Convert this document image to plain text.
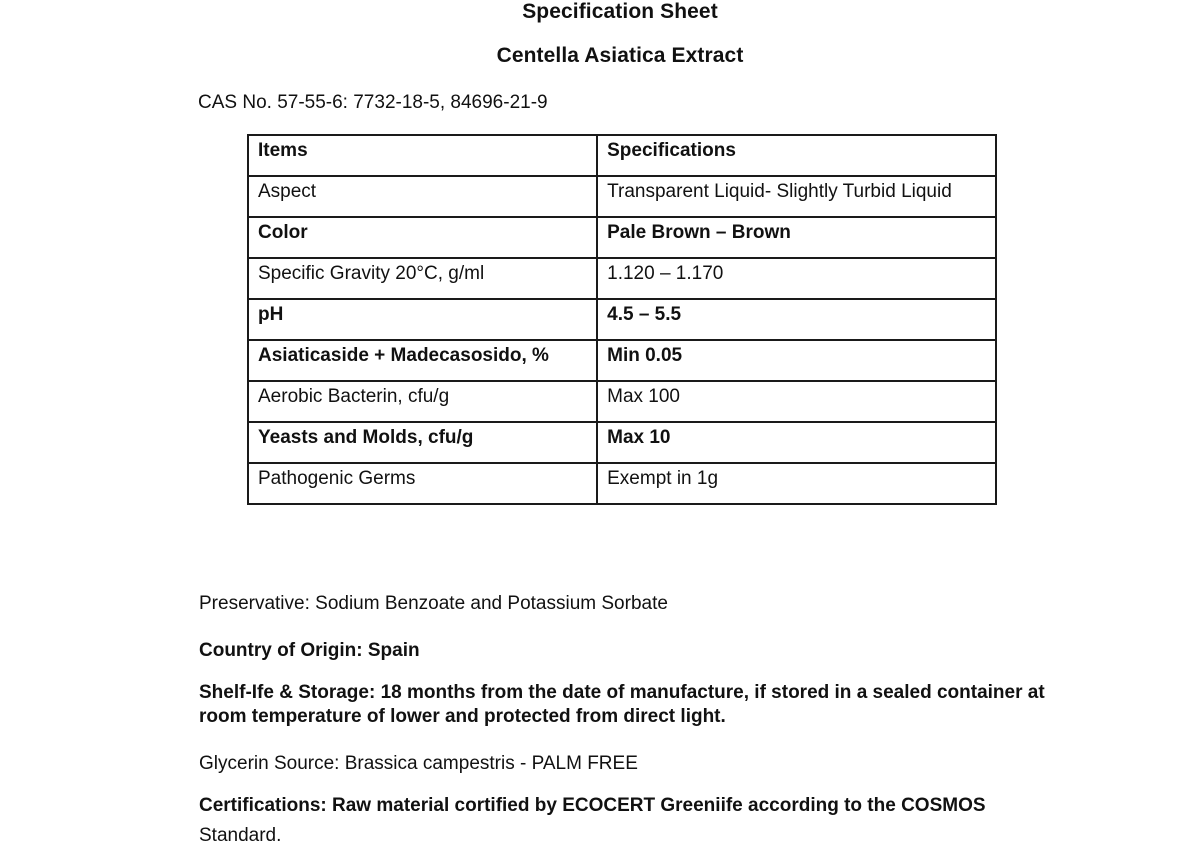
Specification Sheet
Centella Asiatica Extract
CAS No. 57-55-6: 7732-18-5, 84696-21-9
Items	Specifications
Aspect	Transparent Liquid- Slightly Turbid Liquid
Color	Pale Brown – Brown
Specific Gravity 20°C, g/ml	1.120 – 1.170
pH	4.5 – 5.5
Asiaticaside + Madecasosido, %	Min 0.05
Aerobic Bacterin, cfu/g	Max 100
Yeasts and Molds, cfu/g	Max 10
Pathogenic Germs	Exempt in 1g
Preservative: Sodium Benzoate and Potassium Sorbate
Country of Origin: Spain
Shelf-Ɩfe & Storage: 18 months from the date of manufacture, if stored in a sealed container at room temperature of lower and protected from direct light.
Glycerin Source: Brassica campestris - PALM FREE
Certifications: Raw material cortified by ECOCERT Greeniife according to the COSMOS
Standard.
